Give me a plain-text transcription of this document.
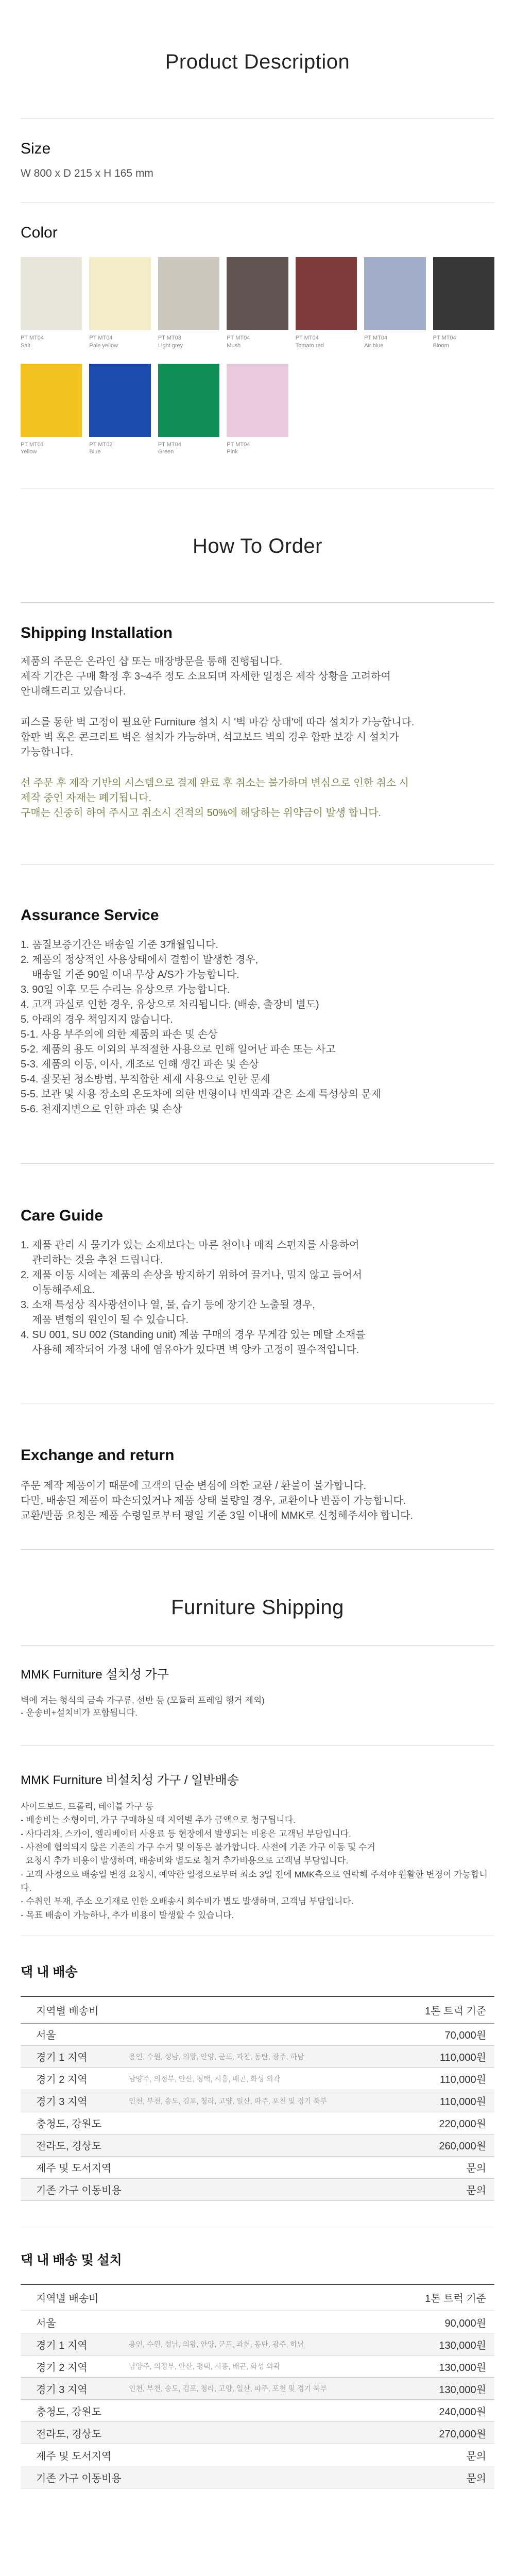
Product Description
Size
W 800 x D 215 x H 165 mm
Color
PT MT04
Salt
PT MT04
Pale yellow
PT MT03
Light grey
PT MT04
Mush
PT MT04
Tomato red
PT MT04
Air blue
PT MT04
Bloom
PT MT01
Yellow
PT MT02
Blue
PT MT04
Green
PT MT04
Pink
How To Order
Shipping Installation

제품의 주문은 온라인 샵 또는 매장방문을 통해 진행됩니다.

제작 기간은 구매 확정 후 3~4주 정도 소요되며 자세한 일정은 제작 상황을 고려하여

안내해드리고 있습니다.

피스를 통한 벽 고정이 필요한 Furniture 설치 시 '벽 마감 상태'에 따라 설치가 가능합니다.

합판 벽 혹은 콘크리트 벽은 설치가 가능하며, 석고보드 벽의 경우 합판 보강 시 설치가

가능합니다.

선 주문 후 제작 기반의 시스템으로 결제 완료 후 취소는 불가하며 변심으로 인한 취소 시

제작 중인 자재는 폐기됩니다.

구매는 신중히 하여 주시고 취소시 견적의 50%에 해당하는 위약금이 발생 합니다.

Assurance Service

1. 품질보증기간은 배송일 기준 3개월입니다.

2. 제품의 정상적인 사용상태에서 결함이 발생한 경우,

배송일 기준 90일 이내 무상 A/S가 가능합니다.

3. 90일 이후 모든 수리는 유상으로 가능합니다.

4. 고객 과실로 인한 경우, 유상으로 처리됩니다. (배송, 출장비 별도)

5. 아래의 경우 책임지지 않습니다.

5-1. 사용 부주의에 의한 제품의 파손 및 손상

5-2. 제품의 용도 이외의 부적절한 사용으로 인해 일어난 파손 또는 사고

5-3. 제품의 이동, 이사, 개조로 인해 생긴 파손 및 손상

5-4. 잘못된 청소방법, 부적합한 세제 사용으로 인한 문제

5-5. 보관 및 사용 장소의 온도차에 의한 변형이나 변색과 같은 소재 특성상의 문제

5-6. 천재지변으로 인한 파손 및 손상

Care Guide

1. 제품 관리 시 물기가 있는 소재보다는 마른 천이나 매직 스펀지를 사용하여

관리하는 것을 추천 드립니다.

2. 제품 이동 시에는 제품의 손상을 방지하기 위하여 끌거나, 밀지 않고 들어서

이동해주세요.

3. 소재 특성상 직사광선이나 열, 물, 습기 등에 장기간 노출될 경우,

제품 변형의 원인이 될 수 있습니다.

4. SU 001, SU 002 (Standing unit) 제품 구매의 경우 무게감 있는 메탈 소재를

사용해 제작되어 가정 내에 염유아가 있다면 벽 앙카 고정이 필수적입니다.

Exchange and return

주문 제작 제품이기 때문에 고객의 단순 변심에 의한 교환 / 환불이 불가합니다.

다만, 배송된 제품이 파손되었거나 제품 상태 불량일 경우, 교환이나 반품이 가능합니다.

교환/반품 요청은 제품 수령일로부터 평일 기준 3일 이내에 MMK로 신청해주셔야 합니다.

Furniture Shipping
MMK Furniture 설치성 가구

벽에 거는 형식의 금속 가구류, 선반 등 (모듈러 프레임 행거 제외)

- 운송비+설치비가 포함됩니다.

MMK Furniture 비설치성 가구 / 일반배송

사이드보드, 트롤리, 테이블 가구 등

- 배송비는 소형이미, 가구 구매하실 때 지역별 추가 금액으로 청구됩니다.

- 사다리차, 스카이, 엘리베이터 사용료 등 현장에서 발생되는 비용은 고객님 부담입니다.

- 사전에 협의되지 않은 기존의 가구 수거 및 이동은 불가합니다. 사전에 기존 가구 이동 및 수거

요청시 추가 비용이 발생하며, 배송비와 별도로 철거 추가비용으로 고객님 부담입니다.

- 고객 사정으로 배송일 변경 요청시, 예약한 일정으로부터 최소 3일 전에 MMK측으로 연락해 주셔야 원활한 변경이 가능합니다.

- 수취인 부재, 주소 오기재로 인한 오배송시 회수비가 별도 발생하며, 고객님 부담입니다.

- 목표 배송이 가능하나, 추가 비용이 발생할 수 있습니다.

댁 내 배송
지역별 배송비		1톤 트럭 기준
서울		70,000원
경기 1 지역	용인, 수원, 성남, 의왕, 안양, 군포, 과천, 동탄, 광주, 하남	110,000원
경기 2 지역	남양주, 의정부, 안산, 평택, 시흥, 배곤, 화성 외곽	110,000원
경기 3 지역	인천, 부천, 송도, 김포, 청라, 고양, 일산, 파주, 포천 및 경기 북부	110,000원
충청도, 강원도		220,000원
전라도, 경상도		260,000원
제주 및 도서지역		문의
기존 가구 이동비용		문의
댁 내 배송 및 설치
지역별 배송비		1톤 트럭 기준
서울		90,000원
경기 1 지역	용인, 수원, 성남, 의왕, 안양, 군포, 과천, 동탄, 광주, 하남	130,000원
경기 2 지역	남양주, 의정부, 안산, 평택, 시흥, 배곤, 화성 외곽	130,000원
경기 3 지역	인천, 부천, 송도, 김포, 청라, 고양, 일산, 파주, 포천 및 경기 북부	130,000원
충청도, 강원도		240,000원
전라도, 경상도		270,000원
제주 및 도서지역		문의
기존 가구 이동비용		문의
